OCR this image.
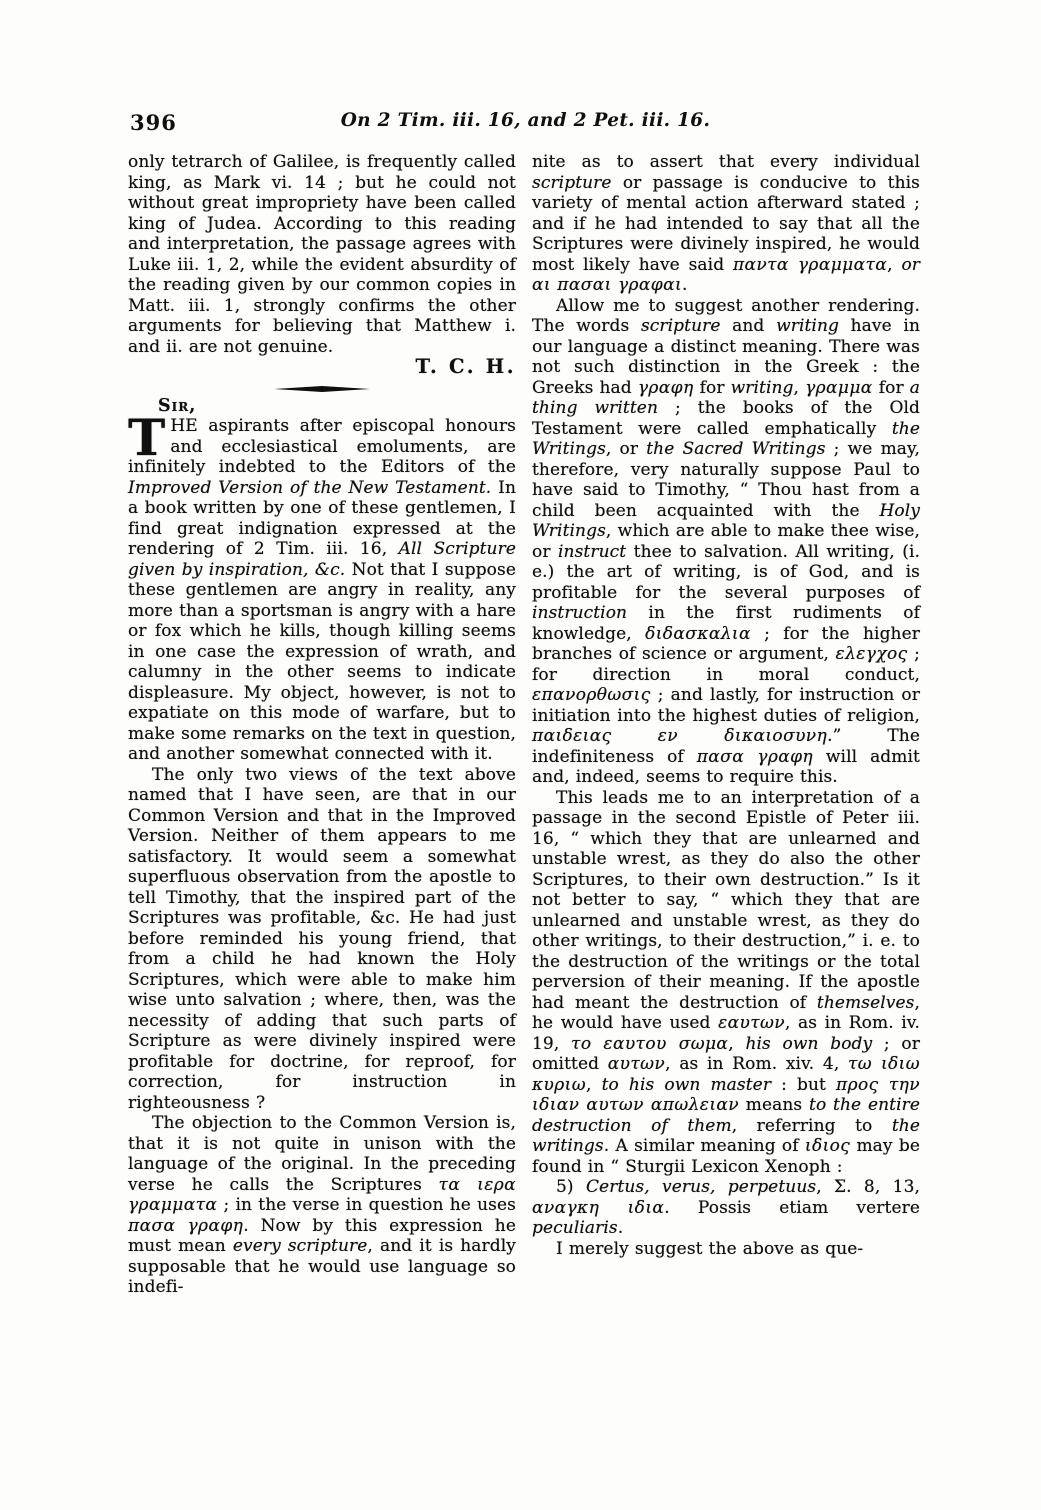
396	On 2 Tim. iii. 16, and 2 Pet. iii. 16.

only tetrarch of Galilee, is frequently called king, as Mark vi. 14 ; but he could not without great impropriety have been called king of Judea. According to this reading and interpretation, the passage agrees with Luke iii. 1, 2, while the evident absurdity of the reading given by our common copies in Matt. iii. 1, strongly confirms the other arguments for believing that Matthew i. and ii. are not genuine.

T. C. H.

Sir,

THE aspirants after episcopal honours and ecclesiastical emoluments, are infinitely indebted to the Editors of the Improved Version of the New Testament. In a book written by one of these gentlemen, I find great indignation expressed at the rendering of 2 Tim. iii. 16, All Scripture given by inspiration, &c. Not that I suppose these gentlemen are angry in reality, any more than a sportsman is angry with a hare or fox which he kills, though killing seems in one case the expression of wrath, and calumny in the other seems to indicate displeasure. My object, however, is not to expatiate on this mode of warfare, but to make some remarks on the text in question, and another somewhat connected with it.

The only two views of the text above named that I have seen, are that in our Common Version and that in the Improved Version. Neither of them appears to me satisfactory. It would seem a somewhat superfluous observation from the apostle to tell Timothy, that the inspired part of the Scriptures was profitable, &c. He had just before reminded his young friend, that from a child he had known the Holy Scriptures, which were able to make him wise unto salvation ; where, then, was the necessity of adding that such parts of Scripture as were divinely inspired were profitable for doctrine, for reproof, for correction, for instruction in righteousness ?

The objection to the Common Version is, that it is not quite in unison with the language of the original. In the preceding verse he calls the Scriptures τα ιερα γραμματα ; in the verse in question he uses πασα γραφη. Now by this expression he must mean every scripture, and it is hardly supposable that he would use language so indefi-

nite as to assert that every individual scripture or passage is conducive to this variety of mental action afterward stated ; and if he had intended to say that all the Scriptures were divinely inspired, he would most likely have said παντα γραμματα, or αι πασαι γραφαι.

Allow me to suggest another rendering. The words scripture and writing have in our language a distinct meaning. There was not such distinction in the Greek : the Greeks had γραφη for writing, γραμμα for a thing written ; the books of the Old Testament were called emphatically the Writings, or the Sacred Writings ; we may, therefore, very naturally suppose Paul to have said to Timothy, “ Thou hast from a child been acquainted with the Holy Writings, which are able to make thee wise, or instruct thee to salvation. All writing, (i. e.) the art of writing, is of God, and is profitable for the several purposes of instruction in the first rudiments of knowledge, διδασκαλια ; for the higher branches of science or argument, ελεγχος ; for direction in moral conduct, επανορθωσις ; and lastly, for instruction or initiation into the highest duties of religion, παιδειας εν δικαιοσυνη.” The indefiniteness of πασα γραφη will admit and, indeed, seems to require this.

This leads me to an interpretation of a passage in the second Epistle of Peter iii. 16, “ which they that are unlearned and unstable wrest, as they do also the other Scriptures, to their own destruction.” Is it not better to say, “ which they that are unlearned and unstable wrest, as they do other writings, to their destruction,” i. e. to the destruction of the writings or the total perversion of their meaning. If the apostle had meant the destruction of themselves, he would have used εαυτων, as in Rom. iv. 19, το εαυτου σωμα, his own body ; or omitted αυτων, as in Rom. xiv. 4, τω ιδιω κυριω, to his own master : but προς την ιδιαν αυτων απωλειαν means to the entire destruction of them, referring to the writings. A similar meaning of ιδιος may be found in “ Sturgii Lexicon Xenoph :

5) Certus, verus, perpetuus, Σ. 8, 13, αναγκη ιδια. Possis etiam vertere peculiaris.

I merely suggest the above as que-
